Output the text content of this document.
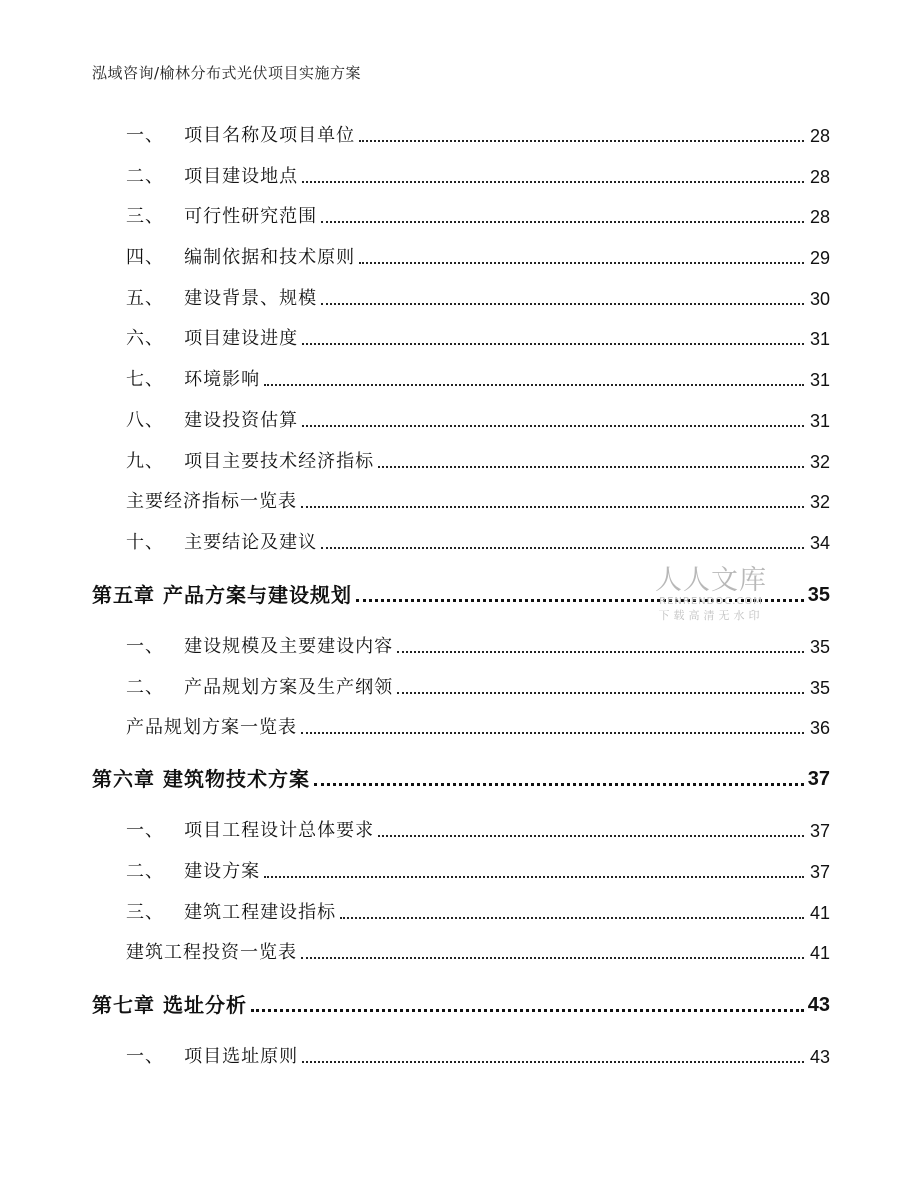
泓域咨询/榆林分布式光伏项目实施方案
一、   项目名称及项目单位	28
二、   项目建设地点	28
三、   可行性研究范围	28
四、   编制依据和技术原则	29
五、   建设背景、规模	30
六、   项目建设进度	31
七、   环境影响	31
八、   建设投资估算	31
九、   项目主要技术经济指标	32
主要经济指标一览表	32
十、   主要结论及建议	34
第五章 产品方案与建设规划	35
一、   建设规模及主要建设内容	35
二、   产品规划方案及生产纲领	35
产品规划方案一览表	36
第六章 建筑物技术方案	37
一、   项目工程设计总体要求	37
二、   建设方案	37
三、   建筑工程建设指标	41
建筑工程投资一览表	41
第七章 选址分析	43
一、   项目选址原则	43
人人文库
RENRENDOC.COM
下载高清无水印
